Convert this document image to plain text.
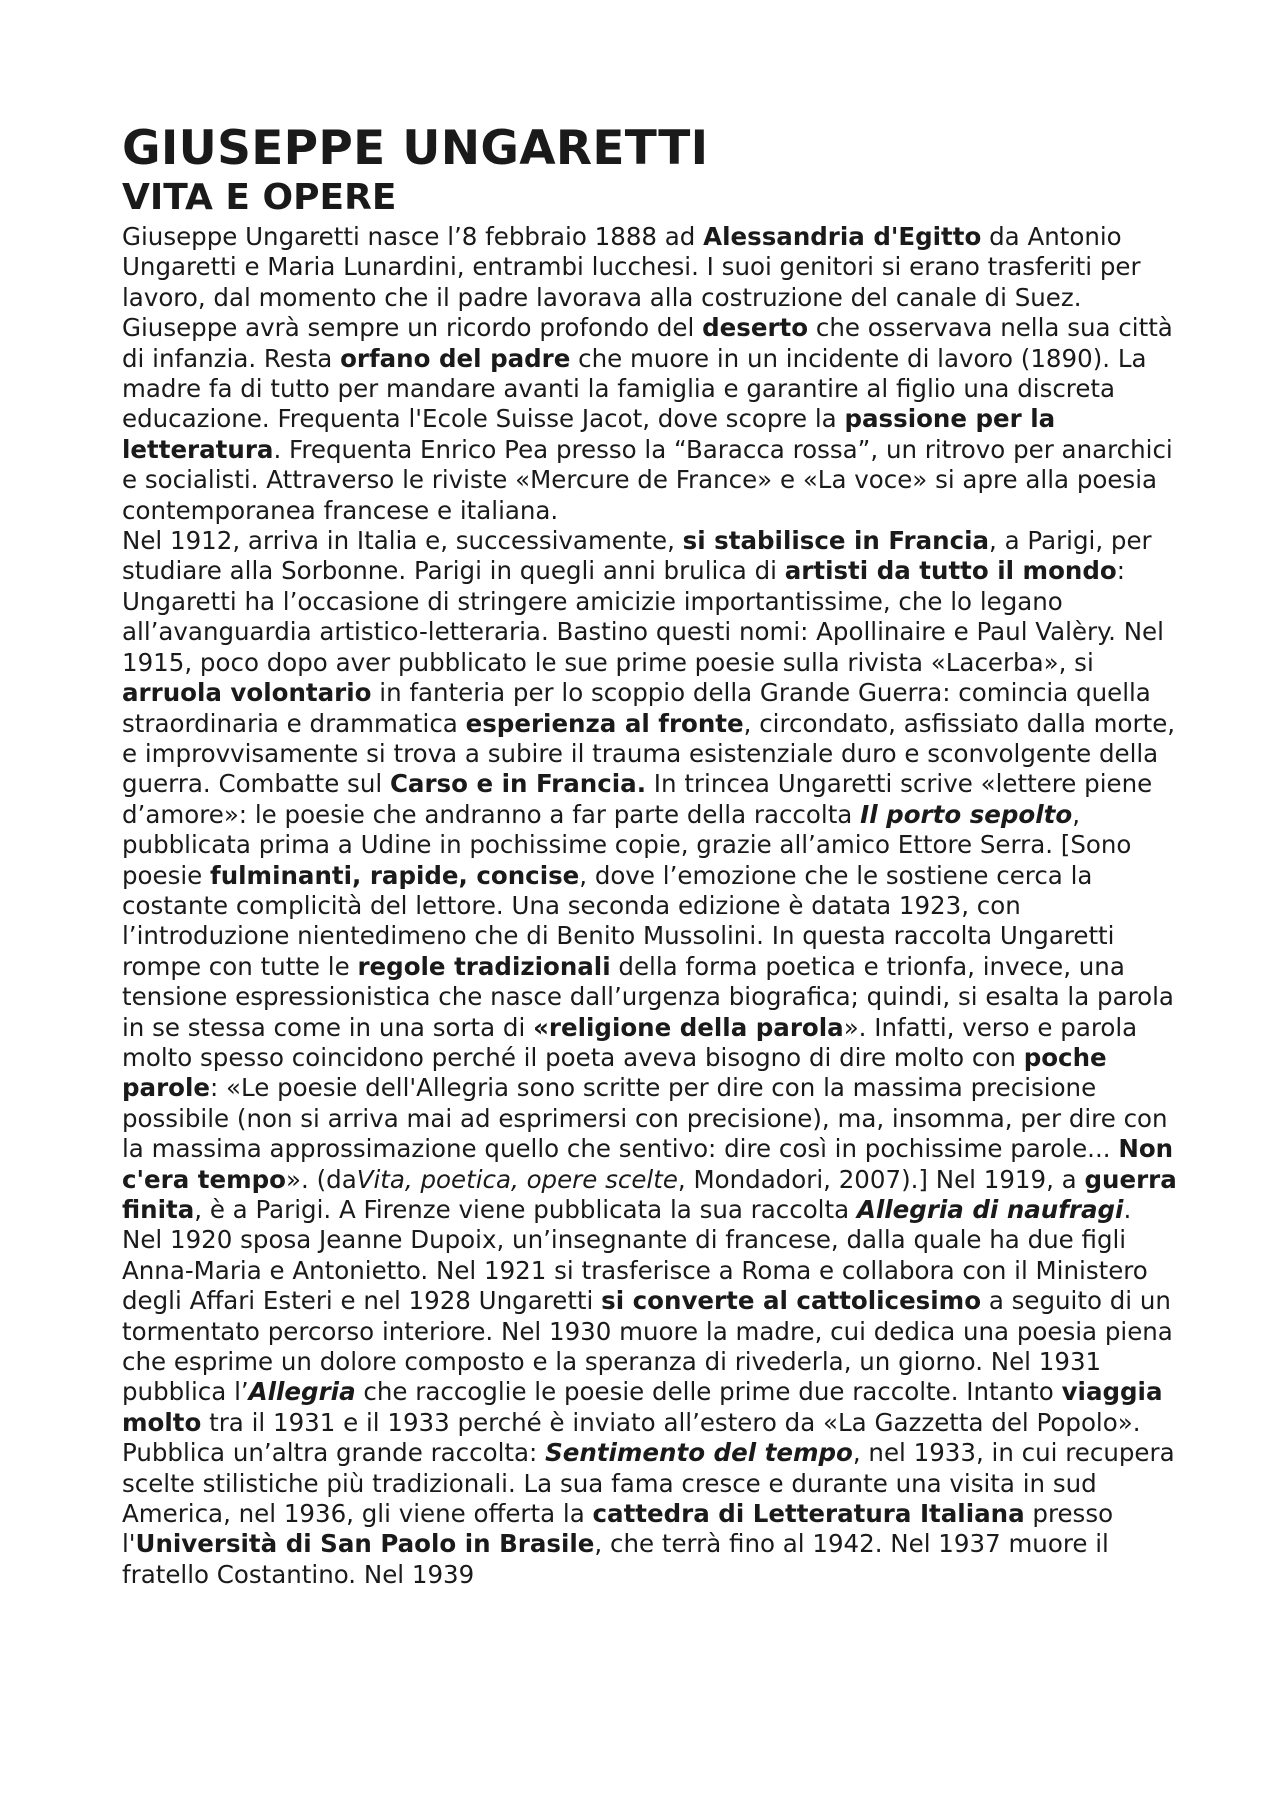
GIUSEPPE UNGARETTI
VITA E OPERE

Giuseppe Ungaretti nasce l’8 febbraio 1888 ad Alessandria d'Egitto da Antonio Ungaretti e Maria Lunardini, entrambi lucchesi. I suoi genitori si erano trasferiti per lavoro, dal momento che il padre lavorava alla costruzione del canale di Suez. Giuseppe avrà sempre un ricordo profondo del deserto che osservava nella sua città di infanzia. Resta orfano del padre che muore in un incidente di lavoro (1890). La madre fa di tutto per mandare avanti la famiglia e garantire al figlio una discreta educazione. Frequenta l'Ecole Suisse Jacot, dove scopre la passione per la letteratura. Frequenta Enrico Pea presso la “Baracca rossa”, un ritrovo per anarchici e socialisti. Attraverso le riviste «Mercure de France» e «La voce» si apre alla poesia contemporanea francese e italiana.

Nel 1912, arriva in Italia e, successivamente, si stabilisce in Francia, a Parigi, per studiare alla Sorbonne. Parigi in quegli anni brulica di artisti da tutto il mondo: Ungaretti ha l’occasione di stringere amicizie importantissime, che lo legano all’avanguardia artistico-letteraria. Bastino questi nomi: Apollinaire e Paul Valèry. Nel 1915, poco dopo aver pubblicato le sue prime poesie sulla rivista «Lacerba», si arruola volontario in fanteria per lo scoppio della Grande Guerra: comincia quella straordinaria e drammatica esperienza al fronte, circondato, asfissiato dalla morte, e improvvisamente si trova a subire il trauma esistenziale duro e sconvolgente della guerra. Combatte sul Carso e in Francia. In trincea Ungaretti scrive «lettere piene d’amore»: le poesie che andranno a far parte della raccolta Il porto sepolto, pubblicata prima a Udine in pochissime copie, grazie all’amico Ettore Serra. [Sono poesie fulminanti, rapide, concise, dove l’emozione che le sostiene cerca la costante complicità del lettore. Una seconda edizione è datata 1923, con l’introduzione nientedimeno che di Benito Mussolini. In questa raccolta Ungaretti rompe con tutte le regole tradizionali della forma poetica e trionfa, invece, una tensione espressionistica che nasce dall’urgenza biografica; quindi, si esalta la parola in se stessa come in una sorta di «religione della parola». Infatti, verso e parola molto spesso coincidono perché il poeta aveva bisogno di dire molto con poche parole: «Le poesie dell'Allegria sono scritte per dire con la massima precisione possibile (non si arriva mai ad esprimersi con precisione), ma, insomma, per dire con la massima approssimazione quello che sentivo: dire così in pochissime parole... Non c'era tempo». (daVita, poetica, opere scelte, Mondadori, 2007).] Nel 1919, a guerra finita, è a Parigi. A Firenze viene pubblicata la sua raccolta Allegria di naufragi. Nel 1920 sposa Jeanne Dupoix, un’insegnante di francese, dalla quale ha due figli Anna-Maria e Antonietto. Nel 1921 si trasferisce a Roma e collabora con il Ministero degli Affari Esteri e nel 1928 Ungaretti si converte al cattolicesimo a seguito di un tormentato percorso interiore. Nel 1930 muore la madre, cui dedica una poesia piena che esprime un dolore composto e la speranza di rivederla, un giorno. Nel 1931 pubblica l’Allegria che raccoglie le poesie delle prime due raccolte. Intanto viaggia molto tra il 1931 e il 1933 perché è inviato all’estero da «La Gazzetta del Popolo». Pubblica un’altra grande raccolta: Sentimento del tempo, nel 1933, in cui recupera scelte stilistiche più tradizionali. La sua fama cresce e durante una visita in sud America, nel 1936, gli viene offerta la cattedra di Letteratura Italiana presso l'Università di San Paolo in Brasile, che terrà fino al 1942. Nel 1937 muore il fratello Costantino. Nel 1939
